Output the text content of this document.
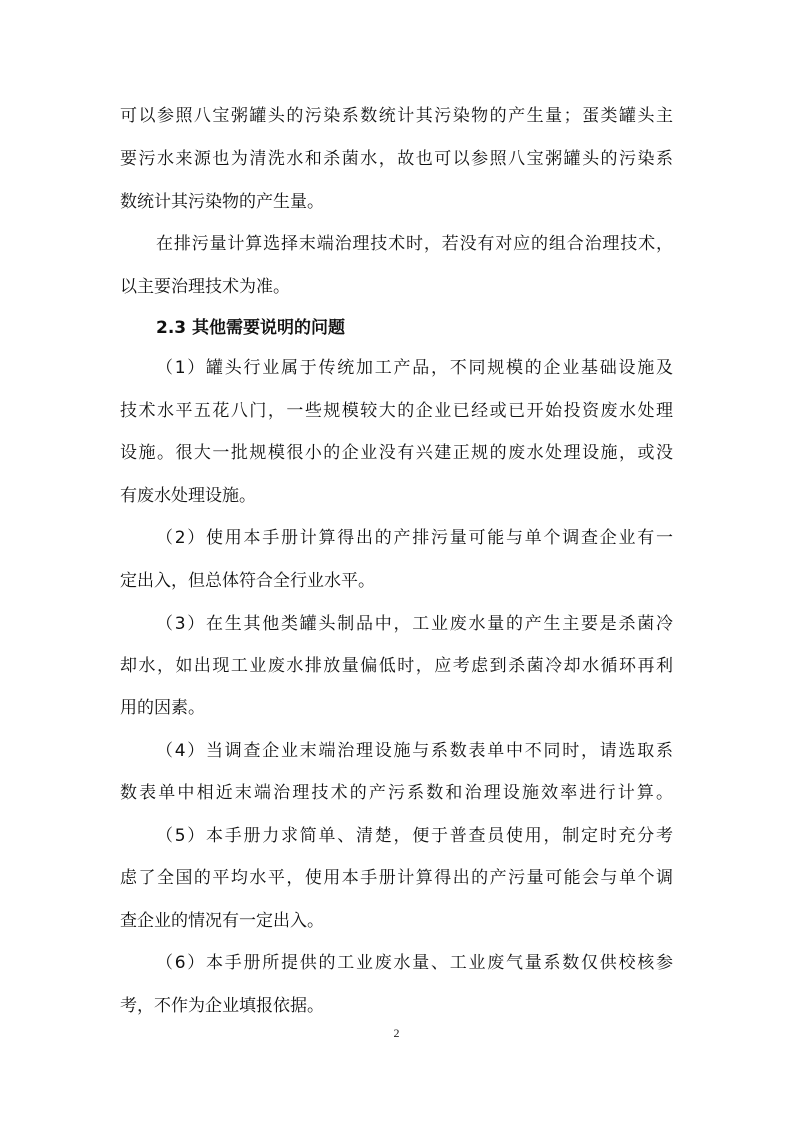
可以参照八宝粥罐头的污染系数统计其污染物的产生量；蛋类罐头主
要污水来源也为清洗水和杀菌水，故也可以参照八宝粥罐头的污染系
数统计其污染物的产生量。
在排污量计算选择末端治理技术时，若没有对应的组合治理技术，
以主要治理技术为准。
2.3 其他需要说明的问题
（1）罐头行业属于传统加工产品，不同规模的企业基础设施及
技术水平五花八门，一些规模较大的企业已经或已开始投资废水处理
设施。很大一批规模很小的企业没有兴建正规的废水处理设施，或没
有废水处理设施。
（2）使用本手册计算得出的产排污量可能与单个调查企业有一
定出入，但总体符合全行业水平。
（3）在生其他类罐头制品中，工业废水量的产生主要是杀菌冷
却水，如出现工业废水排放量偏低时，应考虑到杀菌冷却水循环再利
用的因素。
（4）当调查企业末端治理设施与系数表单中不同时，请选取系
数表单中相近末端治理技术的产污系数和治理设施效率进行计算。
（5）本手册力求简单、清楚，便于普查员使用，制定时充分考
虑了全国的平均水平，使用本手册计算得出的产污量可能会与单个调
查企业的情况有一定出入。
（6）本手册所提供的工业废水量、工业废气量系数仅供校核参
考，不作为企业填报依据。
2
